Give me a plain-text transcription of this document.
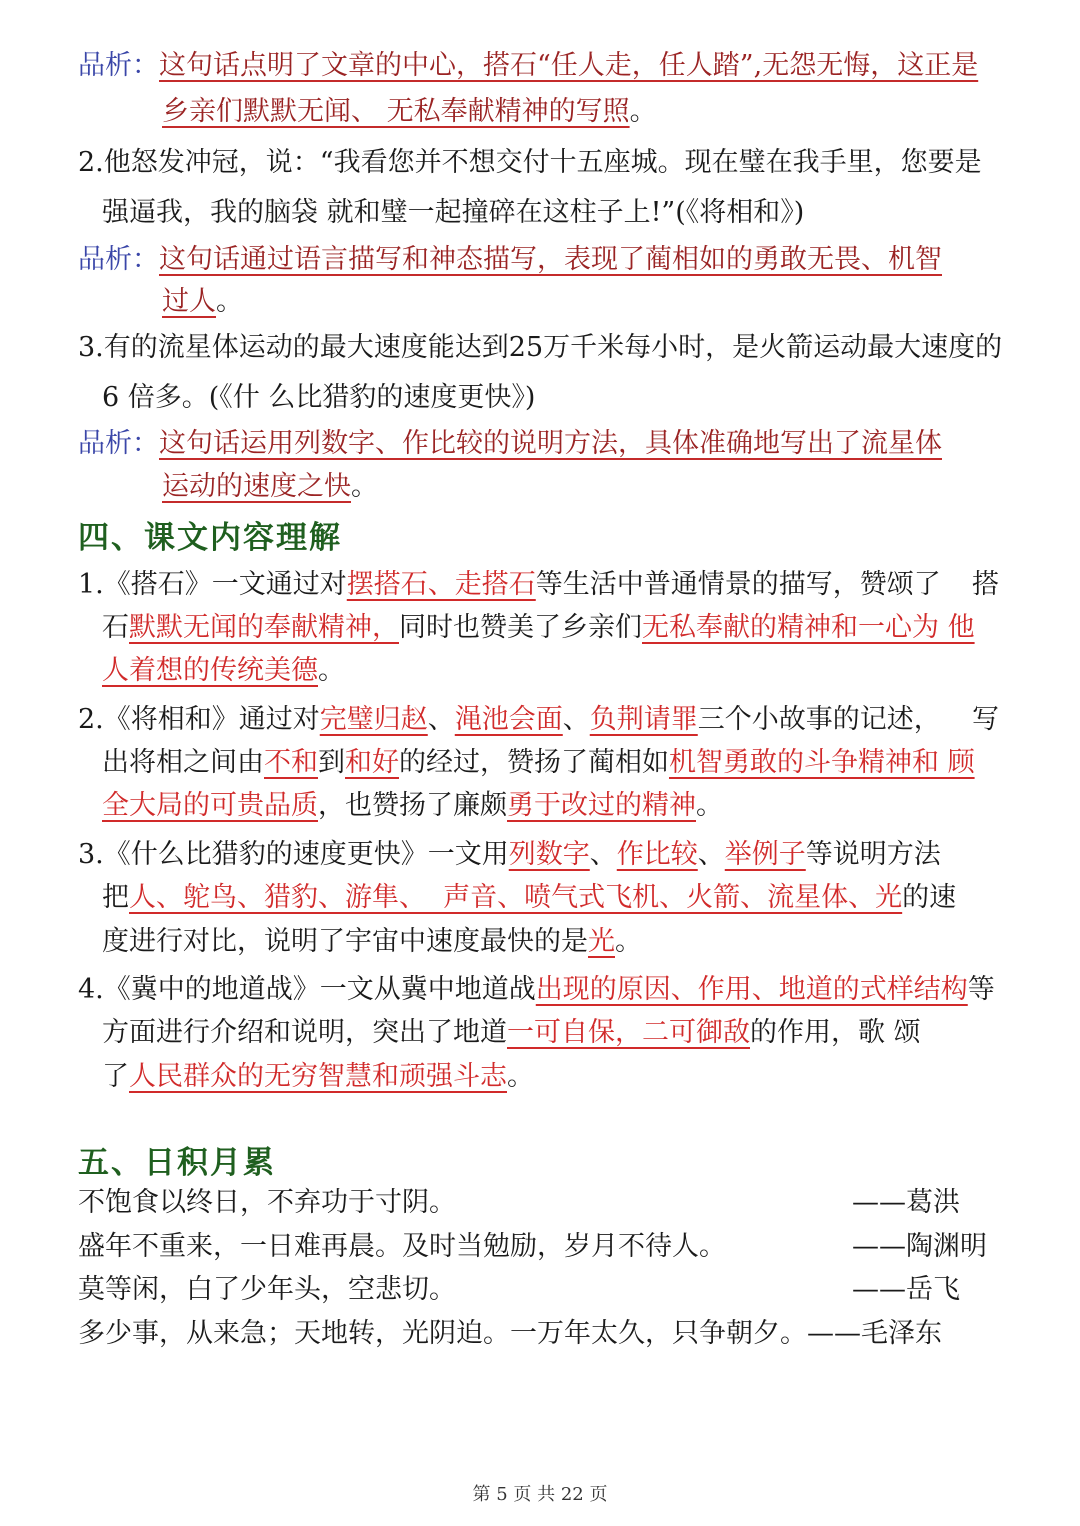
品析：这句话点明了文章的中心，搭石“任人走，任人踏”,无怨无悔，这正是
乡亲们默默无闻、 无私奉献精神的写照。
2.他怒发冲冠，说：“我看您并不想交付十五座城。现在璧在我手里，您要是
强逼我，我的脑袋 就和璧一起撞碎在这柱子上!”(《将相和》)
品析：这句话通过语言描写和神态描写，表现了蔺相如的勇敢无畏、机智
过人。
3.有的流星体运动的最大速度能达到25万千米每小时，是火箭运动最大速度的
6 倍多。(《什 么比猎豹的速度更快》)
品析：这句话运用列数字、作比较的说明方法，具体准确地写出了流星体
运动的速度之快。
四、课文内容理解
1.《搭石》一文通过对摆搭石、走搭石等生活中普通情景的描写，赞颂了 搭
石默默无闻的奉献精神，同时也赞美了乡亲们无私奉献的精神和一心为 他
人着想的传统美德。
2.《将相和》通过对完璧归赵、渑池会面、负荆请罪三个小故事的记述， 写
出将相之间由不和到和好的经过，赞扬了蔺相如机智勇敢的斗争精神和 顾
全大局的可贵品质，也赞扬了廉颇勇于改过的精神。
3.《什么比猎豹的速度更快》一文用列数字、作比较、举例子等说明方法
把人、鸵鸟、猎豹、游隼、  声音、喷气式飞机、火箭、流星体、光的速
度进行对比，说明了宇宙中速度最快的是光。
4.《冀中的地道战》一文从冀中地道战出现的原因、作用、地道的式样结构等
方面进行介绍和说明，突出了地道一可自保，二可御敌的作用，歌 颂
了人民群众的无穷智慧和顽强斗志。
五、日积月累
不饱食以终日，不弃功于寸阴。	——葛洪
盛年不重来，一日难再晨。及时当勉励，岁月不待人。	——陶渊明
莫等闲，白了少年头，空悲切。	——岳飞
多少事，从来急；天地转，光阴迫。一万年太久，只争朝夕。——毛泽东
第 5 页 共 22 页
